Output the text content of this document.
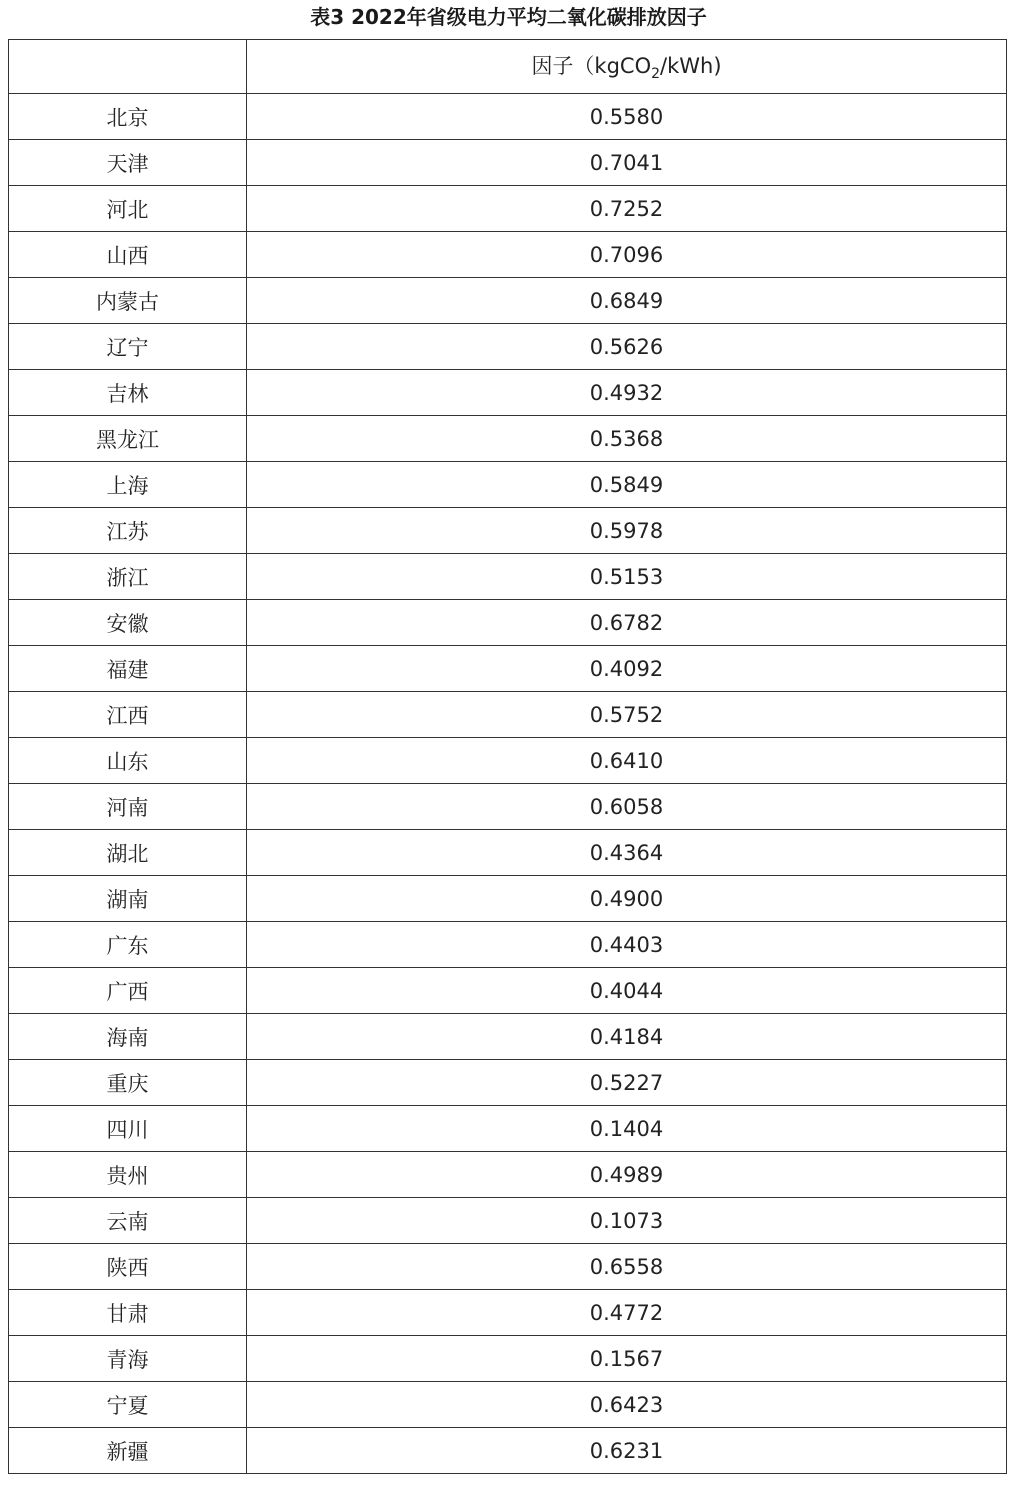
表3 2022年省级电力平均二氧化碳排放因子
	因子（kgCO$_2$/kWh)
北京	0.5580
天津	0.7041
河北	0.7252
山西	0.7096
内蒙古	0.6849
辽宁	0.5626
吉林	0.4932
黑龙江	0.5368
上海	0.5849
江苏	0.5978
浙江	0.5153
安徽	0.6782
福建	0.4092
江西	0.5752
山东	0.6410
河南	0.6058
湖北	0.4364
湖南	0.4900
广东	0.4403
广西	0.4044
海南	0.4184
重庆	0.5227
四川	0.1404
贵州	0.4989
云南	0.1073
陕西	0.6558
甘肃	0.4772
青海	0.1567
宁夏	0.6423
新疆	0.6231
